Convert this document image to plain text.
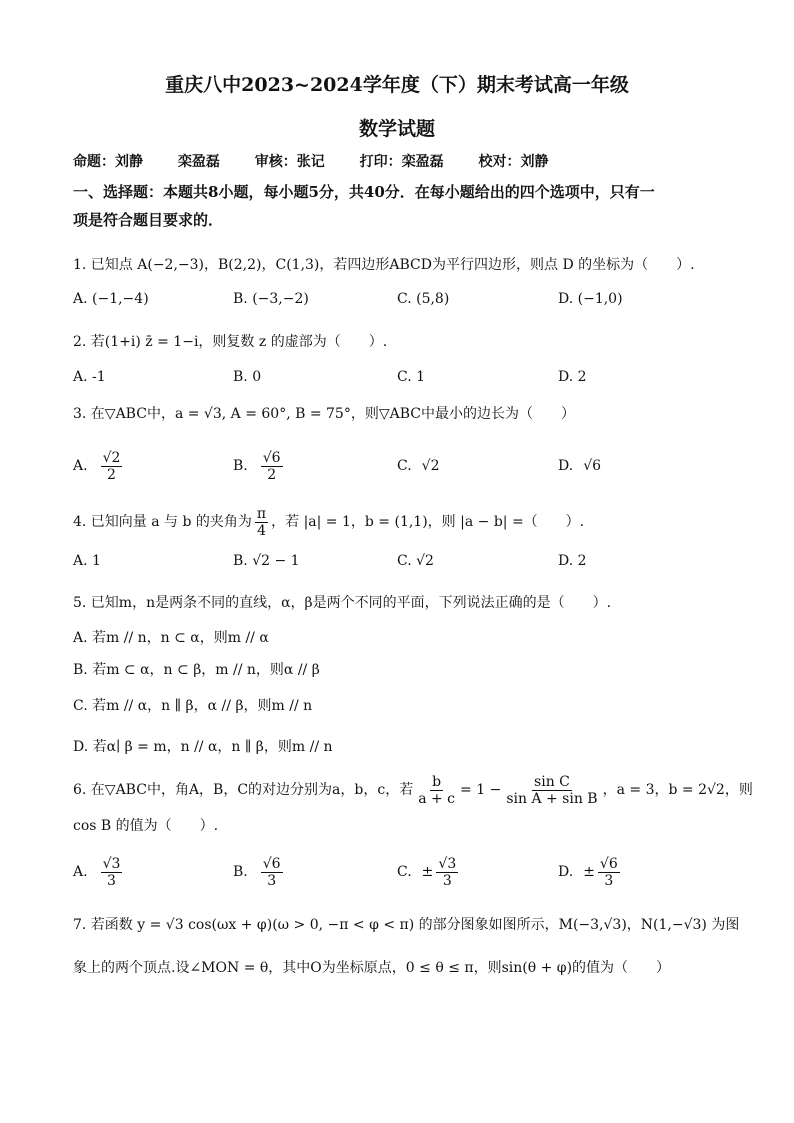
重庆八中2023~2024学年度（下）期末考试高一年级
数学试题
命题：刘静 栾盈磊 审核：张记 打印：栾盈磊 校对：刘静
一、选择题：本题共8小题，每小题5分，共40分．在每小题给出的四个选项中，只有一
项是符合题目要求的．
1. 已知点 A(−2,−3)，B(2,2)，C(1,3)，若四边形ABCD为平行四边形，则点 D 的坐标为（　　）.
A. (−1,−4)	B. (−3,−2)	C. (5,8)	D. (−1,0)
2. 若(1+i) z̄ = 1−i，则复数 z 的虚部为（　　）.
A. -1	B. 0	C. 1	D. 2
3. 在▽ABC中，a = √3, A = 60°, B = 75°，则▽ABC中最小的边长为（　　）
A. $\frac{√2}{2}$	B. $\frac{√6}{2}$	C. √2	D. √6
4. 已知向量 a 与 b 的夹角为 $\frac{\pi}{4}$ ，若 |a| = 1，b = (1,1)，则 |a − b| =（　　）.
A. 1	B. √2 − 1	C. √2	D. 2
5. 已知m，n是两条不同的直线，α，β是两个不同的平面，下列说法正确的是（　　）.
A. 若m // n，n ⊂ α，则m // α
B. 若m ⊂ α，n ⊂ β，m // n，则α // β
C. 若m // α，n ∥ β，α // β，则m // n
D. 若α∣ β = m，n // α，n ∥ β，则m // n
6. 在▽ABC中，角A，B，C的对边分别为a，b，c，若 $\frac{b}{a + c} = 1 - \frac{\text{sin C}}{\text{sin A + sin B}}$ ，a = 3，b = 2√2，则
cos B 的值为（　　）.
A. $\frac{√3}{3}$	B. $\frac{√6}{3}$	C. ± $\frac{√3}{3}$	D. ± $\frac{√6}{3}$
7. 若函数 y = √3 cos(ωx + φ)(ω > 0, −π < φ < π) 的部分图象如图所示，M(−3,√3)，N(1,−√3) 为图
象上的两个顶点.设∠MON = θ，其中O为坐标原点，0 ≤ θ ≤ π，则sin(θ + φ)的值为（　　）
